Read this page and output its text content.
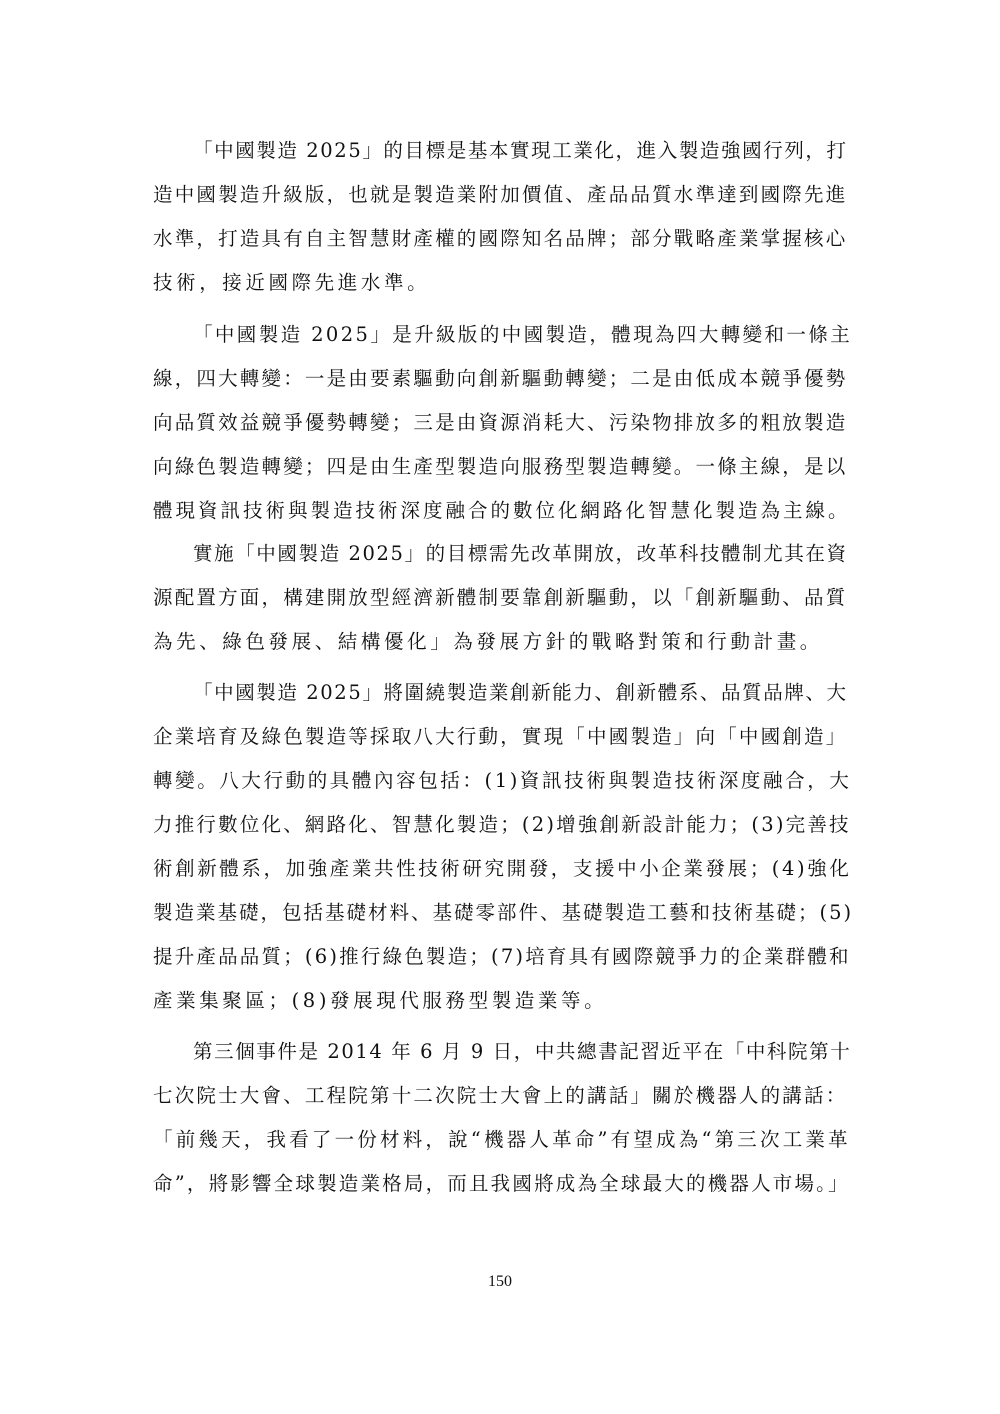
「中國製造 2025」的目標是基本實現工業化，進入製造強國行列，打
造中國製造升級版，也就是製造業附加價值、產品品質水準達到國際先進
水準，打造具有自主智慧財產權的國際知名品牌；部分戰略產業掌握核心
技術，接近國際先進水準。
「中國製造 2025」是升級版的中國製造，體現為四大轉變和一條主
線，四大轉變：一是由要素驅動向創新驅動轉變；二是由低成本競爭優勢
向品質效益競爭優勢轉變；三是由資源消耗大、污染物排放多的粗放製造
向綠色製造轉變；四是由生產型製造向服務型製造轉變。一條主線，是以
體現資訊技術與製造技術深度融合的數位化網路化智慧化製造為主線。
實施「中國製造 2025」的目標需先改革開放，改革科技體制尤其在資
源配置方面，構建開放型經濟新體制要靠創新驅動，以「創新驅動、品質
為先、綠色發展、結構優化」為發展方針的戰略對策和行動計畫。
「中國製造 2025」將圍繞製造業創新能力、創新體系、品質品牌、大
企業培育及綠色製造等採取八大行動，實現「中國製造」向「中國創造」
轉變。八大行動的具體內容包括：(1)資訊技術與製造技術深度融合，大
力推行數位化、網路化、智慧化製造；(2)增強創新設計能力；(3)完善技
術創新體系，加強產業共性技術研究開發，支援中小企業發展；(4)強化
製造業基礎，包括基礎材料、基礎零部件、基礎製造工藝和技術基礎；(5)
提升產品品質；(6)推行綠色製造；(7)培育具有國際競爭力的企業群體和
產業集聚區；(8)發展現代服務型製造業等。
第三個事件是 2014 年 6 月 9 日，中共總書記習近平在「中科院第十
七次院士大會、工程院第十二次院士大會上的講話」關於機器人的講話：
「前幾天，我看了一份材料，說“機器人革命”有望成為“第三次工業革
命”，將影響全球製造業格局，而且我國將成為全球最大的機器人市場。」
150
